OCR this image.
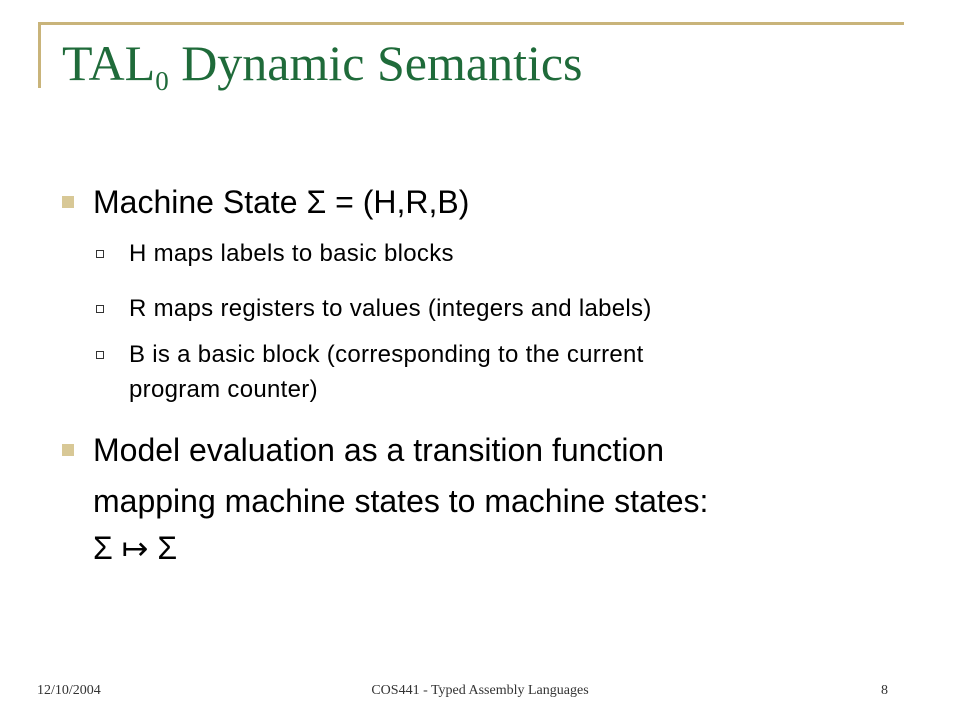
$TAL_0$ Dynamic Semantics
Machine State Σ = (H,R,B)
H maps labels to basic blocks
R maps registers to values (integers and labels)
B is a basic block (corresponding to the current
program counter)
Model evaluation as a transition function
mapping machine states to machine states:
Σ ↦ Σ
12/10/2004	COS441 - Typed Assembly Languages	8
